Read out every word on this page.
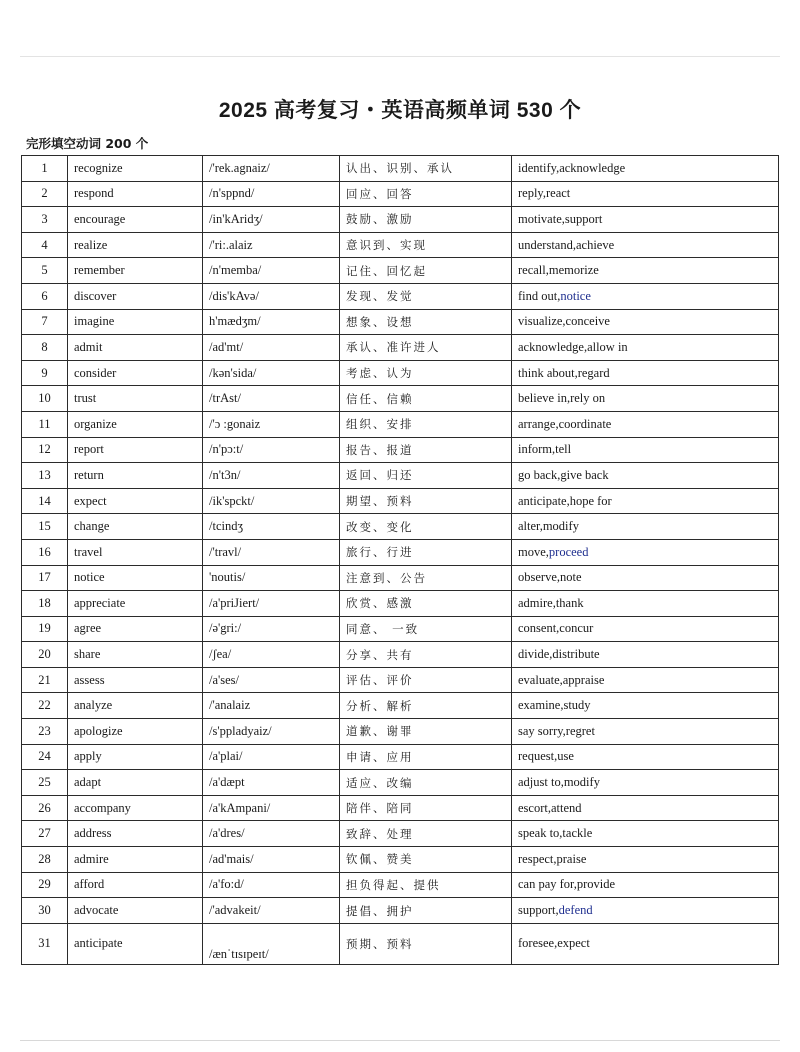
2025 高考复习・英语高频单词 530 个
完形填空动词 200 个
1	recognize	/'rek.agnaiz/	认出、识别、承认	identify,acknowledge
2	respond	/n'sppnd/	回应、回答	reply,react
3	encourage	/in'kAridʒ/	鼓励、激励	motivate,support
4	realize	/'ri:.alaiz	意识到、实现	understand,achieve
5	remember	/n'memba/	记住、回忆起	recall,memorize
6	discover	/dis'kAvə/	发现、发觉	find out,notice
7	imagine	h'mædʒm/	想象、设想	visualize,conceive
8	admit	/ad'mt/	承认、准许进人	acknowledge,allow in
9	consider	/kən'sida/	考虑、认为	think about,regard
10	trust	/trAst/	信任、信赖	believe in,rely on
11	organize	/'ɔ :gonaiz	组织、安排	arrange,coordinate
12	report	/n'pɔ:t/	报告、报道	inform,tell
13	return	/n't3n/	返回、归还	go back,give back
14	expect	/ik'spckt/	期望、预料	anticipate,hope for
15	change	/tcindʒ	改变、变化	alter,modify
16	travel	/'travl/	旅行、行进	move,proceed
17	notice	'noutis/	注意到、公告	observe,note
18	appreciate	/a'priJiert/	欣赏、感激	admire,thank
19	agree	/ə'gri:/	同意、 一致	consent,concur
20	share	/ʃea/	分享、共有	divide,distribute
21	assess	/a'ses/	评估、评价	evaluate,appraise
22	analyze	/'analaiz	分析、解析	examine,study
23	apologize	/s'ppladyaiz/	道歉、谢罪	say sorry,regret
24	apply	/a'plai/	申请、应用	request,use
25	adapt	/a'dæpt	适应、改编	adjust to,modify
26	accompany	/a'kAmpani/	陪伴、陪同	escort,attend
27	address	/a'dres/	致辞、处理	speak to,tackle
28	admire	/ad'mais/	钦佩、赞美	respect,praise
29	afford	/a'fo:d/	担负得起、提供	can pay for,provide
30	advocate	/'advakeit/	提倡、拥护	support,defend
31	anticipate	/ænˈtɪsɪpeɪt/	预期、预料	foresee,expect
